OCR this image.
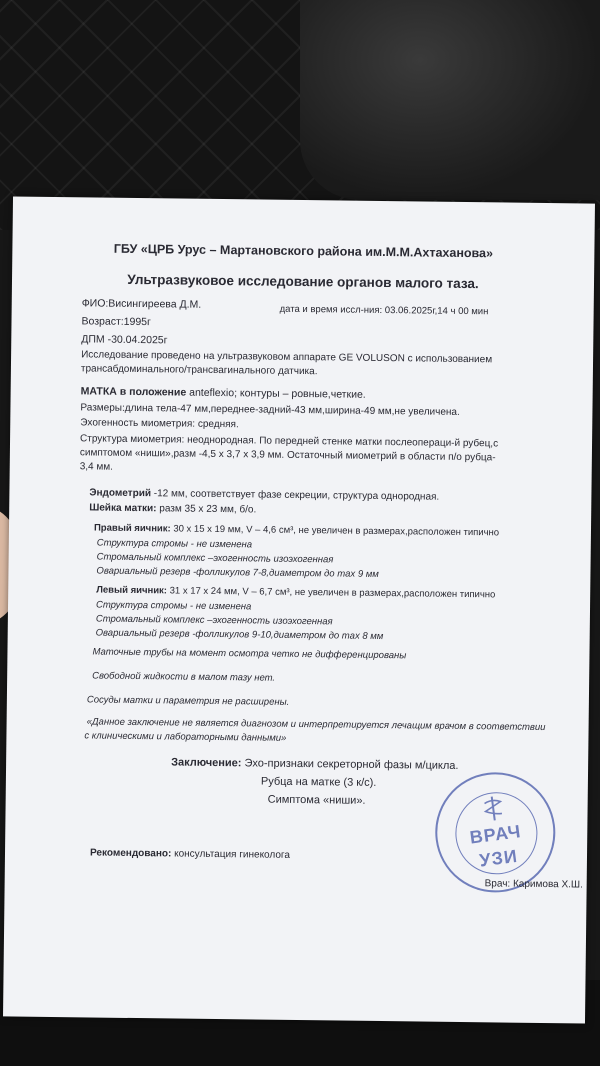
ГБУ «ЦРБ Урус – Мартановского района им.М.М.Ахтаханова»
Ультразвуковое исследование органов малого таза.
ФИО:Висингиреева Д.М.	дата и время иссл-ния: 03.06.2025г,14 ч 00 мин
Возраст:1995г
ДПМ -30.04.2025г
Исследование проведено на ультразвуковом аппарате GE VOLUSON с использованием
трансабдоминального/трансвагинального датчика.
МАТКА в положение anteflexio; контуры – ровные,четкие.
Размеры:длина тела-47 мм,переднее-задний-43 мм,ширина-49 мм,не увеличена.
Эхогенность миометрия: средняя.
Структура миометрия: неоднородная. По передней стенке матки послеопераци-й рубец,с
симптомом «ниши»,разм -4,5 х 3,7 х 3,9 мм. Остаточный миометрий в области п/о рубца-
3,4 мм.
Эндометрий -12 мм, соответствует фазе секреции, структура однородная.
Шейка матки: разм 35 х 23 мм, б/о.
Правый яичник: 30 х 15 х 19 мм, V – 4,6 см³, не увеличен в размерах,расположен типично
Структура стромы - не изменена
Стромальный комплекс –эхогенность изоэхогенная
Овариальный резерв -фолликулов 7-8,диаметром до max 9 мм
Левый яичник: 31 х 17 х 24 мм, V – 6,7 см³, не увеличен в размерах,расположен типично
Структура стромы - не изменена
Стромальный комплекс –эхогенность изоэхогенная
Овариальный резерв -фолликулов 9-10,диаметром до max 8 мм
Маточные трубы на момент осмотра четко не дифференцированы
Свободной жидкости в малом тазу нет.
Сосуды матки и параметрия не расширены.
«Данное заключение не является диагнозом и интерпретируется лечащим врачом в соответствии
с клиническими и лабораторными данными»
Заключение: Эхо-признаки секреторной фазы м/цикла.
Рубца на матке (3 к/с).
Симптома «ниши».
Рекомендовано: консультация гинеколога
ВРАЧ
УЗИ
Врач: Каримова Х.Ш.
